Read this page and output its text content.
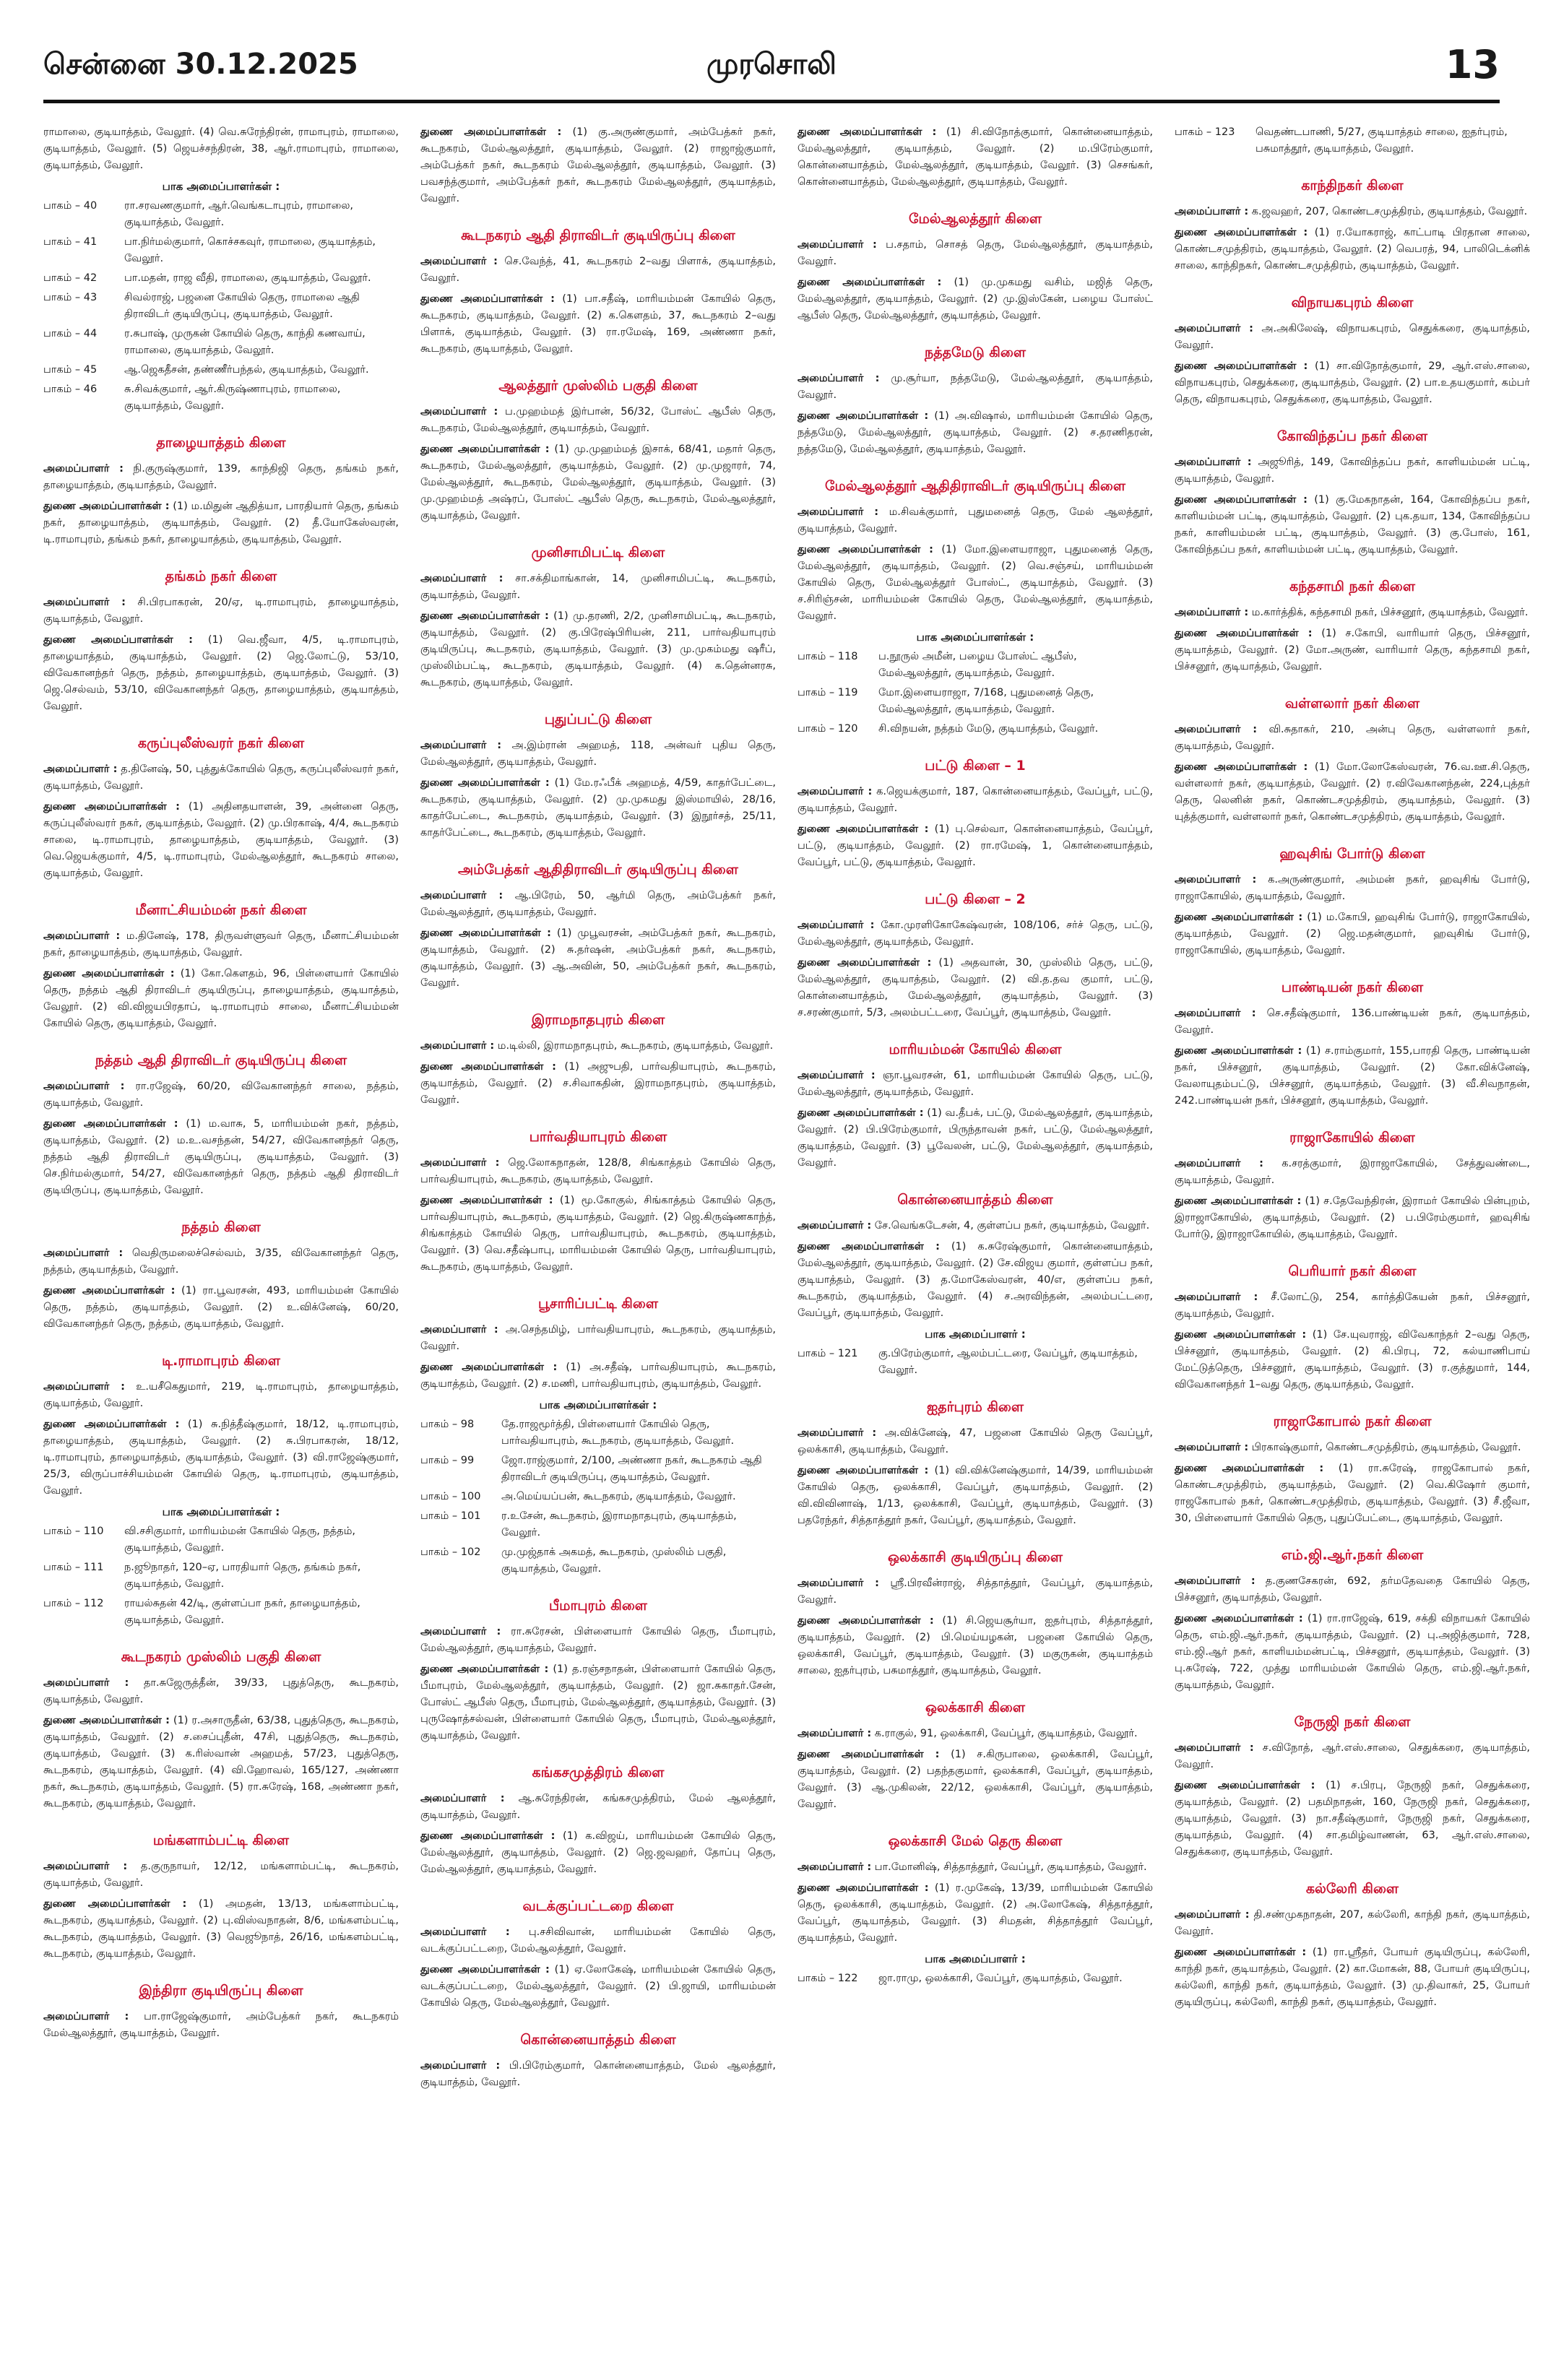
சென்னை 30.12.2025	முரசொலி	13
ராமாலை, குடியாத்தம், வேலூர். (4) வெ.சுரேந்திரன், ராமாபுரம், ராமாலை, குடியாத்தம், வேலூர். (5) ஜெயச்சந்திரன், 38, ஆர்.ராமாபுரம், ராமாலை, குடியாத்தம், வேலூர்.
பாக அமைப்பாளர்கள் :
பாகம் – 40	ரா.சரவணகுமார், ஆர்.வெங்கடாபுரம், ராமாலை, குடியாத்தம், வேலூர்.
பாகம் – 41	பா.நிர்மல்குமார், கொச்சகவுர், ராமாலை, குடியாத்தம், வேலூர்.
பாகம் – 42	பா.மதன், ராஜ வீதி, ராமாலை, குடியாத்தம், வேலூர்.
பாகம் – 43	சிவல்ராஜ், பஜனை கோயில் தெரு, ராமாலை ஆதி திராவிடர் குடியிருப்பு, குடியாத்தம், வேலூர்.
பாகம் – 44	ர.சுபாஷ், முருகன் கோயில் தெரு, காந்தி கணவாய், ராமாலை, குடியாத்தம், வேலூர்.
பாகம் – 45	ஆ.ஜெகதீசன், தண்ணீர்பந்தல், குடியாத்தம், வேலூர்.
பாகம் – 46	சு.சிவக்குமார், ஆர்.கிருஷ்ணாபுரம், ராமாலை, குடியாத்தம், வேலூர்.
தாழையாத்தம் கிளை
அமைப்பாளர் : நி.குருஷ்குமார், 139, காந்திஜி தெரு, தங்கம் நகர், தாழையாத்தம், குடியாத்தம், வேலூர்.
துணை அமைப்பாளர்கள் : (1) ம.மிதுன் ஆதித்யா, பாரதியார் தெரு, தங்கம் நகர், தாழையாத்தம், குடியாத்தம், வேலூர். (2) தீ.யோகேஸ்வரன், டி.ராமாபுரம், தங்கம் நகர், தாழையாத்தம், குடியாத்தம், வேலூர்.
தங்கம் நகர் கிளை
அமைப்பாளர் : சி.பிரபாகரன், 20/ஏ, டி.ராமாபுரம், தாழையாத்தம், குடியாத்தம், வேலூர்.
துணை அமைப்பாளர்கள் : (1) வெ.ஜீவா, 4/5, டி.ராமாபுரம், தாழையாத்தம், குடியாத்தம், வேலூர். (2) ஜெ.லோட்டு, 53/10, விவேகானந்தர் தெரு, நத்தம், தாழையாத்தம், குடியாத்தம், வேலூர். (3) ஜெ.செல்வம், 53/10, விவேகானந்தர் தெரு, தாழையாத்தம், குடியாத்தம், வேலூர்.
கருப்புலீஸ்வரர் நகர் கிளை
அமைப்பாளர் : த.தினேஷ், 50, புத்துக்கோயில் தெரு, கருப்புலீஸ்வரர் நகர், குடியாத்தம், வேலூர்.
துணை அமைப்பாளர்கள் : (1) அதினதயாளன், 39, அன்னை தெரு, கருப்புலீஸ்வரர் நகர், குடியாத்தம், வேலூர். (2) மு.பிரகாஷ், 4/4, கூடநகரம் சாலை, டி.ராமாபுரம், தாழையாத்தம், குடியாத்தம், வேலூர். (3) வெ.ஜெயக்குமார், 4/5, டி.ராமாபுரம், மேல்ஆலத்தூர், கூடநகரம் சாலை, குடியாத்தம், வேலூர்.
மீனாட்சியம்மன் நகர் கிளை
அமைப்பாளர் : ம.தினேஷ், 178, திருவள்ளுவர் தெரு, மீனாட்சியம்மன் நகர், தாழையாத்தம், குடியாத்தம், வேலூர்.
துணை அமைப்பாளர்கள் : (1) கோ.கௌதம், 96, பிள்ளையார் கோயில் தெரு, நத்தம் ஆதி திராவிடர் குடியிருப்பு, தாழையாத்தம், குடியாத்தம், வேலூர். (2) வி.விஜயபிரதாப், டி.ராமாபுரம் சாலை, மீனாட்சியம்மன் கோயில் தெரு, குடியாத்தம், வேலூர்.
நத்தம் ஆதி திராவிடர் குடியிருப்பு கிளை
அமைப்பாளர் : ரா.ரஜேஷ், 60/20, விவேகானந்தர் சாலை, நத்தம், குடியாத்தம், வேலூர்.
துணை அமைப்பாளர்கள் : (1) ம.வாசு, 5, மாரியம்மன் நகர், நத்தம், குடியாத்தம், வேலூர். (2) ம.உ.வசந்தன், 54/27, விவேகானந்தர் தெரு, நத்தம் ஆதி திராவிடர் குடியிருப்பு, குடியாத்தம், வேலூர். (3) செ.நிர்மல்குமார், 54/27, விவேகானந்தர் தெரு, நத்தம் ஆதி திராவிடர் குடியிருப்பு, குடியாத்தம், வேலூர்.
நத்தம் கிளை
அமைப்பாளர் : வெதிருமலைச்செல்வம், 3/35, விவேகானந்தர் தெரு, நத்தம், குடியாத்தம், வேலூர்.
துணை அமைப்பாளர்கள் : (1) ரா.பூவரசன், 493, மாரியம்மன் கோயில் தெரு, நத்தம், குடியாத்தம், வேலூர். (2) உ.விக்னேஷ், 60/20, விவேகானந்தர் தெரு, நத்தம், குடியாத்தம், வேலூர்.
டி.ராமாபுரம் கிளை
அமைப்பாளர் : உ.யசீகெதுமார், 219, டி.ராமாபுரம், தாழையாத்தம், குடியாத்தம், வேலூர்.
துணை அமைப்பாளர்கள் : (1) சு.நித்தீஷ்குமார், 18/12, டி.ராமாபுரம், தாழையாத்தம், குடியாத்தம், வேலூர். (2) சு.பிரபாகரன், 18/12, டி.ராமாபுரம், தாழையாத்தம், குடியாத்தம், வேலூர். (3) வி.ராஜேஷ்குமார், 25/3, விருப்பாச்சியம்மன் கோயில் தெரு, டி.ராமாபுரம், குடியாத்தம், வேலூர்.
பாக அமைப்பாளர்கள் :
பாகம் – 110	வி.சசிகுமார், மாரியம்மன் கோயில் தெரு, நத்தம், குடியாத்தம், வேலூர்.
பாகம் – 111	ந.ஜூநாதர், 120–ஏ, பாரதியார் தெரு, தங்கம் நகர், குடியாத்தம், வேலூர்.
பாகம் – 112	ராயல்சுதன் 42/டி, குள்ளப்பா நகர், தாழையாத்தம், குடியாத்தம், வேலூர்.
கூடநகரம் முஸ்லிம் பகுதி கிளை
அமைப்பாளர் : தா.சுஜேருத்தீன், 39/33, புதுத்தெரு, கூடநகரம், குடியாத்தம், வேலூர்.
துணை அமைப்பாளர்கள் : (1) ர.அசாருதீன், 63/38, புதுத்தெரு, கூடநகரம், குடியாத்தம், வேலூர். (2) ச.சைப்புதீன், 47சி, புதுத்தெரு, கூடநகரம், குடியாத்தம், வேலூர். (3) க.ரிஸ்வான் அஹமத், 57/23, புதுத்தெரு, கூடநகரம், குடியாத்தம், வேலூர். (4) வி.ஹோவல், 165/127, அண்ணா நகர், கூடநகரம், குடியாத்தம், வேலூர். (5) ரா.சுரேஷ், 168, அண்ணா நகர், கூடநகரம், குடியாத்தம், வேலூர்.
மங்களாம்பட்டி கிளை
அமைப்பாளர் : த.குருநாயர், 12/12, மங்களாம்பட்டி, கூடநகரம், குடியாத்தம், வேலூர்.
துணை அமைப்பாளர்கள் : (1) அமதன், 13/13, மங்களாம்பட்டி, கூடநகரம், குடியாத்தம், வேலூர். (2) பு.விஸ்வநாதன், 8/6, மங்களம்பட்டி, கூடநகரம், குடியாத்தம், வேலூர். (3) வெஜூநாத், 26/16, மங்களம்பட்டி, கூடநகரம், குடியாத்தம், வேலூர்.
இந்திரா குடியிருப்பு கிளை
அமைப்பாளர் : பா.ராஜேஷ்குமார், அம்பேத்கர் நகர், கூடநகரம் மேல்ஆலத்தூர், குடியாத்தம், வேலூர்.
துணை அமைப்பாளர்கள் : (1) கு.அருண்குமார், அம்பேத்கர் நகர், கூடநகரம், மேல்ஆலத்தூர், குடியாத்தம், வேலூர். (2) ராஜாஜ்குமார், அம்பேத்கர் நகர், கூடநகரம் மேல்ஆலத்தூர், குடியாத்தம், வேலூர். (3) பவசந்த்குமார், அம்பேத்கர் நகர், கூடநகரம் மேல்ஆலத்தூர், குடியாத்தம், வேலூர்.
கூடநகரம் ஆதி திராவிடர் குடியிருப்பு கிளை
அமைப்பாளர் : செ.வேந்த், 41, கூடநகரம் 2–வது பிளாக், குடியாத்தம், வேலூர்.
துணை அமைப்பாளர்கள் : (1) பா.சதீஷ், மாரியம்மன் கோயில் தெரு, கூடநகரம், குடியாத்தம், வேலூர். (2) க.கௌதம், 37, கூடநகரம் 2–வது பிளாக், குடியாத்தம், வேலூர். (3) ரா.ரமேஷ், 169, அண்ணா நகர், கூடநகரம், குடியாத்தம், வேலூர்.
ஆலத்தூர் முஸ்லிம் பகுதி கிளை
அமைப்பாளர் : ப.முஹம்மத் இர்பான், 56/32, போஸ்ட் ஆபீஸ் தெரு, கூடநகரம், மேல்ஆலத்தூர், குடியாத்தம், வேலூர்.
துணை அமைப்பாளர்கள் : (1) மு.முஹம்மத் இசாக், 68/41, மதார் தெரு, கூடநகரம், மேல்ஆலத்தூர், குடியாத்தம், வேலூர். (2) மு.முஜாரர், 74, மேல்ஆலத்தூர், கூடநகரம், மேல்ஆலத்தூர், குடியாத்தம், வேலூர். (3) மு.முஹம்மத் அஷ்ரப், போஸ்ட் ஆபீஸ் தெரு, கூடநகரம், மேல்ஆலத்தூர், குடியாத்தம், வேலூர்.
முனிசாமிபட்டி கிளை
அமைப்பாளர் : சா.சக்திமாங்கான், 14, முனிசாமிபட்டி, கூடநகரம், குடியாத்தம், வேலூர்.
துணை அமைப்பாளர்கள் : (1) மு.தரணி, 2/2, முனிசாமிபட்டி, கூடநகரம், குடியாத்தம், வேலூர். (2) கு.பிரேஷ்பிரியன், 211, பார்வதியாபுரம் குடியிருப்பு, கூடநகரம், குடியாத்தம், வேலூர். (3) மு.முகம்மது ஷரீப், முஸ்லிம்பட்டி, கூடநகரம், குடியாத்தம், வேலூர். (4) க.தென்னரசு, கூடநகரம், குடியாத்தம், வேலூர்.
புதுப்பட்டு கிளை
அமைப்பாளர் : அ.இம்ரான் அஹமத், 118, அன்வர் புதிய தெரு, மேல்ஆலத்தூர், குடியாத்தம், வேலூர்.
துணை அமைப்பாளர்கள் : (1) மே.ரஃபீக் அஹமத், 4/59, காதர்பேட்டை, கூடநகரம், குடியாத்தம், வேலூர். (2) மு.முகமது இஸ்மாயில், 28/16, காதர்பேட்டை, கூடநகரம், குடியாத்தம், வேலூர். (3) இநூர்சத், 25/11, காதர்பேட்டை, கூடநகரம், குடியாத்தம், வேலூர்.
அம்பேத்கர் ஆதிதிராவிடர் குடியிருப்பு கிளை
அமைப்பாளர் : ஆ.பிரேம், 50, ஆர்மி தெரு, அம்பேத்கர் நகர், மேல்ஆலத்தூர், குடியாத்தம், வேலூர்.
துணை அமைப்பாளர்கள் : (1) முபூவரசன், அம்பேத்கர் நகர், கூடநகரம், குடியாத்தம், வேலூர். (2) சு.தர்ஷன், அம்பேத்கர் நகர், கூடநகரம், குடியாத்தம், வேலூர். (3) ஆ.அவின், 50, அம்பேத்கர் நகர், கூடநகரம், வேலூர்.
இராமநாதபுரம் கிளை
அமைப்பாளர் : ம.டில்லி, இராமநாதபுரம், கூடநகரம், குடியாத்தம், வேலூர்.
துணை அமைப்பாளர்கள் : (1) அஜுபதி, பார்வதியாபுரம், கூடநகரம், குடியாத்தம், வேலூர். (2) ச.சிவாகதின், இராமநாதபுரம், குடியாத்தம், வேலூர்.
பார்வதியாபுரம் கிளை
அமைப்பாளர் : ஜெ.லோகநாதன், 128/8, சிங்காத்தம் கோயில் தெரு, பார்வதியாபுரம், கூடநகரம், குடியாத்தம், வேலூர்.
துணை அமைப்பாளர்கள் : (1) மூ.கோகுல், சிங்காத்தம் கோயில் தெரு, பார்வதியாபுரம், கூடநகரம், குடியாத்தம், வேலூர். (2) ஜெ.கிருஷ்ணகாந்த், சிங்காத்தம் கோயில் தெரு, பார்வதியாபுரம், கூடநகரம், குடியாத்தம், வேலூர். (3) வெ.சதீஷ்பாபு, மாரியம்மன் கோயில் தெரு, பார்வதியாபுரம், கூடநகரம், குடியாத்தம், வேலூர்.
பூசாரிப்பட்டி கிளை
அமைப்பாளர் : அ.செந்தமிழ், பார்வதியாபுரம், கூடநகரம், குடியாத்தம், வேலூர்.
துணை அமைப்பாளர்கள் : (1) அ.சதீஷ், பார்வதியாபுரம், கூடநகரம், குடியாத்தம், வேலூர். (2) ச.மணி, பார்வதியாபுரம், குடியாத்தம், வேலூர்.
பாக அமைப்பாளர்கள் :
பாகம் – 98	தே.ராஜமூர்த்தி, பிள்ளையார் கோயில் தெரு, பார்வதியாபுரம், கூடநகரம், குடியாத்தம், வேலூர்.
பாகம் – 99	ஜோ.ராஜ்குமார், 2/100, அண்ணா நகர், கூடநகரம் ஆதி திராவிடர் குடியிருப்பு, குடியாத்தம், வேலூர்.
பாகம் – 100	அ.மெய்யப்பன், கூடநகரம், குடியாத்தம், வேலூர்.
பாகம் – 101	ர.உசேன், கூடநகரம், இராமநாதபுரம், குடியாத்தம், வேலூர்.
பாகம் – 102	மு.முஜ்தாக் அகமத், கூடநகரம், முஸ்லிம் பகுதி, குடியாத்தம், வேலூர்.
பீமாபுரம் கிளை
அமைப்பாளர் : ரா.சுரேசன், பிள்ளையார் கோயில் தெரு, பீமாபுரம், மேல்ஆலத்தூர், குடியாத்தம், வேலூர்.
துணை அமைப்பாளர்கள் : (1) த.ரஞ்சநாதன், பிள்ளையார் கோயில் தெரு, பீமாபுரம், மேல்ஆலத்தூர், குடியாத்தம், வேலூர். (2) ஜா.சுகாதர்.சேன், போஸ்ட் ஆபீஸ் தெரு, பீமாபுரம், மேல்ஆலத்தூர், குடியாத்தம், வேலூர். (3) புருஷோத்சல்வன், பிள்ளையார் கோயில் தெரு, பீமாபுரம், மேல்ஆலத்தூர், குடியாத்தம், வேலூர்.
கங்கசமுத்திரம் கிளை
அமைப்பாளர் : ஆ.சுரேந்திரன், கங்கசமுத்திரம், மேல் ஆலத்தூர், குடியாத்தம், வேலூர்.
துணை அமைப்பாளர்கள் : (1) க.விஜய், மாரியம்மன் கோயில் தெரு, மேல்ஆலத்தூர், குடியாத்தம், வேலூர். (2) ஜெ.ஜவஹர், தோப்பு தெரு, மேல்ஆலத்தூர், குடியாத்தம், வேலூர்.
வடக்குப்பட்டறை கிளை
அமைப்பாளர் : பு.சசிவிவான், மாரியம்மன் கோயில் தெரு, வடக்குப்பட்டறை, மேல்ஆலத்தூர், வேலூர்.
துணை அமைப்பாளர்கள் : (1) ஏ.லோகேஷ், மாரியம்மன் கோயில் தெரு, வடக்குப்பட்டறை, மேல்ஆலத்தூர், வேலூர். (2) பி.ஜாயி, மாரியம்மன் கோயில் தெரு, மேல்ஆலத்தூர், வேலூர்.
கொன்னையாத்தம் கிளை
அமைப்பாளர் : பி.பிரேம்குமார், கொன்னையாத்தம், மேல் ஆலத்தூர், குடியாத்தம், வேலூர்.
துணை அமைப்பாளர்கள் : (1) சி.விநோத்குமார், கொன்னையாத்தம், மேல்ஆலத்தூர், குடியாத்தம், வேலூர். (2) ம.பிரேம்குமார், கொன்னையாத்தம், மேல்ஆலத்தூர், குடியாத்தம், வேலூர். (3) செசங்கர், கொன்னையாத்தம், மேல்ஆலத்தூர், குடியாத்தம், வேலூர்.
மேல்ஆலத்தூர் கிளை
அமைப்பாளர் : ப.சதாம், சொசத் தெரு, மேல்ஆலத்தூர், குடியாத்தம், வேலூர்.
துணை அமைப்பாளர்கள் : (1) மு.முகமது வசிம், மஜித் தெரு, மேல்ஆலத்தூர், குடியாத்தம், வேலூர். (2) மு.இஸ்கேன், பழைய போஸ்ட் ஆபீஸ் தெரு, மேல்ஆலத்தூர், குடியாத்தம், வேலூர்.
நத்தமேடு கிளை
அமைப்பாளர் : மு.சூர்யா, நத்தமேடு, மேல்ஆலத்தூர், குடியாத்தம், வேலூர்.
துணை அமைப்பாளர்கள் : (1) அ.விஷால், மாரியம்மன் கோயில் தெரு, நத்தமேடு, மேல்ஆலத்தூர், குடியாத்தம், வேலூர். (2) ச.தரணிதரன், நத்தமேடு, மேல்ஆலத்தூர், குடியாத்தம், வேலூர்.
மேல்ஆலத்தூர் ஆதிதிராவிடர் குடியிருப்பு கிளை
அமைப்பாளர் : ம.சிவக்குமார், புதுமனைத் தெரு, மேல் ஆலத்தூர், குடியாத்தம், வேலூர்.
துணை அமைப்பாளர்கள் : (1) மோ.இளையராஜா, புதுமனைத் தெரு, மேல்ஆலத்தூர், குடியாத்தம், வேலூர். (2) வெ.சஞ்சய், மாரியம்மன் கோயில் தெரு, மேல்ஆலத்தூர் போஸ்ட், குடியாத்தம், வேலூர். (3) ச.சிரிஞ்சன், மாரியம்மன் கோயில் தெரு, மேல்ஆலத்தூர், குடியாத்தம், வேலூர்.
பாக அமைப்பாளர்கள் :
பாகம் – 118	ப.நூருல் அமீன், பழைய போஸ்ட் ஆபீஸ், மேல்ஆலத்தூர், குடியாத்தம், வேலூர்.
பாகம் – 119	மோ.இளையராஜா, 7/168, புதுமனைத் தெரு, மேல்ஆலத்தூர், குடியாத்தம், வேலூர்.
பாகம் – 120	சி.விநயன், நத்தம் மேடு, குடியாத்தம், வேலூர்.
பட்டு கிளை – 1
அமைப்பாளர் : க.ஜெயக்குமார், 187, கொன்னையாத்தம், வேப்பூர், பட்டு, குடியாத்தம், வேலூர்.
துணை அமைப்பாளர்கள் : (1) பு.செல்வா, கொன்னையாத்தம், வேப்பூர், பட்டு, குடியாத்தம், வேலூர். (2) ரா.ரமேஷ், 1, கொன்னையாத்தம், வேப்பூர், பட்டு, குடியாத்தம், வேலூர்.
பட்டு கிளை – 2
அமைப்பாளர் : கோ.முரளிகோகேஷ்வரன், 108/106, சர்ச் தெரு, பட்டு, மேல்ஆலத்தூர், குடியாத்தம், வேலூர்.
துணை அமைப்பாளர்கள் : (1) அதவான், 30, முஸ்லிம் தெரு, பட்டு, மேல்ஆலத்தூர், குடியாத்தம், வேலூர். (2) வி.த.தவ குமார், பட்டு, கொன்னையாத்தம், மேல்ஆலத்தூர், குடியாத்தம், வேலூர். (3) ச.சரண்குமார், 5/3, அலம்பட்டரை, வேப்பூர், குடியாத்தம், வேலூர்.
மாரியம்மன் கோயில் கிளை
அமைப்பாளர் : ஞா.பூவரசன், 61, மாரியம்மன் கோயில் தெரு, பட்டு, மேல்ஆலத்தூர், குடியாத்தம், வேலூர்.
துணை அமைப்பாளர்கள் : (1) வ.தீபக், பட்டு, மேல்ஆலத்தூர், குடியாத்தம், வேலூர். (2) பி.பிரேம்குமார், பிருந்தாவன் நகர், பட்டு, மேல்ஆலத்தூர், குடியாத்தம், வேலூர். (3) பூவேலன், பட்டு, மேல்ஆலத்தூர், குடியாத்தம், வேலூர்.
கொன்னையாத்தம் கிளை
அமைப்பாளர் : சே.வெங்கடேசன், 4, குள்ளப்ப நகர், குடியாத்தம், வேலூர்.
துணை அமைப்பாளர்கள் : (1) க.சுரேஷ்குமார், கொன்னையாத்தம், மேல்ஆலத்தூர், குடியாத்தம், வேலூர். (2) சே.விஜய குமார், குள்ளப்ப நகர், குடியாத்தம், வேலூர். (3) த.மோகேஸ்வரன், 40/எ, குள்ளப்ப நகர், கூடநகரம், குடியாத்தம், வேலூர். (4) ச.அரவிந்தன், அலம்பட்டரை, வேப்பூர், குடியாத்தம், வேலூர்.
பாக அமைப்பாளர் :
பாகம் – 121	கு.பிரேம்குமார், ஆலம்பட்டரை, வேப்பூர், குடியாத்தம், வேலூர்.
ஐதர்புரம் கிளை
அமைப்பாளர் : அ.விக்னேஷ், 47, பஜனை கோயில் தெரு வேப்பூர், ஒலக்காசி, குடியாத்தம், வேலூர்.
துணை அமைப்பாளர்கள் : (1) வி.விக்னேஷ்குமார், 14/39, மாரியம்மன் கோயில் தெரு, ஒலக்காசி, வேப்பூர், குடியாத்தம், வேலூர். (2) வி.விவினாஷ், 1/13, ஒலக்காசி, வேப்பூர், குடியாத்தம், வேலூர். (3) பதரேந்தர், சித்தாத்தூர் நகர், வேப்பூர், குடியாத்தம், வேலூர்.
ஒலக்காசி குடியிருப்பு கிளை
அமைப்பாளர் : ஸ்ரீ.பிரவீன்ராஜ், சித்தாத்தூர், வேப்பூர், குடியாத்தம், வேலூர்.
துணை அமைப்பாளர்கள் : (1) சி.ஜெயசூர்யா, ஐதர்புரம், சித்தாத்தூர், குடியாத்தம், வேலூர். (2) பி.மெய்யழகன், பஜனை கோயில் தெரு, ஒலக்காசி, வேப்பூர், குடியாத்தம், வேலூர். (3) மகுருகன், குடியாத்தம் சாலை, ஐதர்புரம், பசுமாத்தூர், குடியாத்தம், வேலூர்.
ஒலக்காசி கிளை
அமைப்பாளர் : க.ராகுல், 91, ஒலக்காசி, வேப்பூர், குடியாத்தம், வேலூர்.
துணை அமைப்பாளர்கள் : (1) ச.கிருபாலை, ஒலக்காசி, வேப்பூர், குடியாத்தம், வேலூர். (2) பதந்தகுமார், ஒலக்காசி, வேப்பூர், குடியாத்தம், வேலூர். (3) ஆ.முகிலன், 22/12, ஒலக்காசி, வேப்பூர், குடியாத்தம், வேலூர்.
ஒலக்காசி மேல் தெரு கிளை
அமைப்பாளர் : பா.மோனிஷ், சித்தாத்தூர், வேப்பூர், குடியாத்தம், வேலூர்.
துணை அமைப்பாளர்கள் : (1) ர.முகேஷ், 13/39, மாரியம்மன் கோயில் தெரு, ஒலக்காசி, குடியாத்தம், வேலூர். (2) அ.லோகேஷ், சித்தாத்தூர், வேப்பூர், குடியாத்தம், வேலூர். (3) சிமதன், சித்தாத்தூர் வேப்பூர், குடியாத்தம், வேலூர்.
பாக அமைப்பாளர் :
பாகம் – 122	ஜா.ராமு, ஒலக்காசி, வேப்பூர், குடியாத்தம், வேலூர்.
பாகம் – 123	வெதண்டபாணி, 5/27, குடியாத்தம் சாலை, ஐதர்புரம், பசுமாத்தூர், குடியாத்தம், வேலூர்.
காந்திநகர் கிளை
அமைப்பாளர் : க.ஜவஹர், 207, கொண்டசமுத்திரம், குடியாத்தம், வேலூர்.
துணை அமைப்பாளர்கள் : (1) ர.யோகராஜ், காட்பாடி பிரதான சாலை, கொண்டசமுத்திரம், குடியாத்தம், வேலூர். (2) வெபரத், 94, பாலிடெக்னிக் சாலை, காந்திநகர், கொண்டசமுத்திரம், குடியாத்தம், வேலூர்.
விநாயகபுரம் கிளை
அமைப்பாளர் : அ.அகிலேஷ், விநாயகபுரம், செதுக்கரை, குடியாத்தம், வேலூர்.
துணை அமைப்பாளர்கள் : (1) சா.விநோத்குமார், 29, ஆர்.எஸ்.சாலை, விநாயகபுரம், செதுக்கரை, குடியாத்தம், வேலூர். (2) பா.உதயகுமார், கம்பர் தெரு, விநாயகபுரம், செதுக்கரை, குடியாத்தம், வேலூர்.
கோவிந்தப்ப நகர் கிளை
அமைப்பாளர் : அஜூரித், 149, கோவிந்தப்ப நகர், காளியம்மன் பட்டி, குடியாத்தம், வேலூர்.
துணை அமைப்பாளர்கள் : (1) கு.மேகநாதன், 164, கோவிந்தப்ப நகர், காளியம்மன் பட்டி, குடியாத்தம், வேலூர். (2) புக.தயா, 134, கோவிந்தப்ப நகர், காளியம்மன் பட்டி, குடியாத்தம், வேலூர். (3) கு.போஸ், 161, கோவிந்தப்ப நகர், காளியம்மன் பட்டி, குடியாத்தம், வேலூர்.
கந்தசாமி நகர் கிளை
அமைப்பாளர் : ம.கார்த்திக், கந்தசாமி நகர், பிச்சனூர், குடியாத்தம், வேலூர்.
துணை அமைப்பாளர்கள் : (1) ச.கோபி, வாரியார் தெரு, பிச்சனூர், குடியாத்தம், வேலூர். (2) மோ.அருண், வாரியார் தெரு, கந்தசாமி நகர், பிச்சனூர், குடியாத்தம், வேலூர்.
வள்ளலார் நகர் கிளை
அமைப்பாளர் : வி.சுதாகர், 210, அன்பு தெரு, வள்ளலார் நகர், குடியாத்தம், வேலூர்.
துணை அமைப்பாளர்கள் : (1) மோ.லோகேஸ்வரன், 76.வ.ஊ.சி.தெரு, வள்ளலார் நகர், குடியாத்தம், வேலூர். (2) ர.விவேகானந்தன், 224,புத்தர் தெரு, லெனின் நகர், கொண்டசமுத்திரம், குடியாத்தம், வேலூர். (3) யுத்த்குமார், வள்ளலார் நகர், கொண்டசமுத்திரம், குடியாத்தம், வேலூர்.
ஹவுசிங் போர்டு கிளை
அமைப்பாளர் : க.அருண்குமார், அம்மன் நகர், ஹவுசிங் போர்டு, ராஜாகோயில், குடியாத்தம், வேலூர்.
துணை அமைப்பாளர்கள் : (1) ம.கோபி, ஹவுசிங் போர்டு, ராஜாகோயில், குடியாத்தம், வேலூர். (2) ஜெ.மதன்குமார், ஹவுசிங் போர்டு, ராஜாகோயில், குடியாத்தம், வேலூர்.
பாண்டியன் நகர் கிளை
அமைப்பாளர் : செ.சதீஷ்குமார், 136.பாண்டியன் நகர், குடியாத்தம், வேலூர்.
துணை அமைப்பாளர்கள் : (1) ச.ராம்குமார், 155,பாரதி தெரு, பாண்டியன் நகர், பிச்சனூர், குடியாத்தம், வேலூர். (2) கோ.விக்னேஷ், வேலாயுதம்பட்டு, பிச்சனூர், குடியாத்தம், வேலூர். (3) வீ.சிவநாதன், 242.பாண்டியன் நகர், பிச்சனூர், குடியாத்தம், வேலூர்.
ராஜாகோயில் கிளை
அமைப்பாளர் : க.சரத்குமார், இராஜாகோயில், சேத்துவண்டை, குடியாத்தம், வேலூர்.
துணை அமைப்பாளர்கள் : (1) ச.தேவேந்திரன், இராமர் கோயில் பின்புறம், இராஜாகோயில், குடியாத்தம், வேலூர். (2) ப.பிரேம்குமார், ஹவுசிங் போர்டு, இராஜாகோயில், குடியாத்தம், வேலூர்.
பெரியார் நகர் கிளை
அமைப்பாளர் : சீ.லோட்டு, 254, கார்த்திகேயன் நகர், பிச்சனூர், குடியாத்தம், வேலூர்.
துணை அமைப்பாளர்கள் : (1) சே.யுவராஜ், விவேகாந்தர் 2–வது தெரு, பிச்சனூர், குடியாத்தம், வேலூர். (2) கி.பிரபு, 72, கல்யாணிபாய் மேட்டுத்தெரு, பிச்சனூர், குடியாத்தம், வேலூர். (3) ர.குத்துமார், 144, விவேகானந்தர் 1–வது தெரு, குடியாத்தம், வேலூர்.
ராஜாகோபால் நகர் கிளை
அமைப்பாளர் : பிரகாஷ்குமார், கொண்டசமுத்திரம், குடியாத்தம், வேலூர்.
துணை அமைப்பாளர்கள் : (1) ரா.சுரேஷ், ராஜகோபால் நகர், கொண்டசமுத்திரம், குடியாத்தம், வேலூர். (2) வெ.கிஷோர் குமார், ராஜகோபால் நகர், கொண்டசமுத்திரம், குடியாத்தம், வேலூர். (3) சீ.ஜீவா, 30, பிள்ளையார் கோயில் தெரு, புதுப்பேட்டை, குடியாத்தம், வேலூர்.
எம்.ஜி.ஆர்.நகர் கிளை
அமைப்பாளர் : த.குணசேகரன், 692, தர்மதேவதை கோயில் தெரு, பிச்சனூர், குடியாத்தம், வேலூர்.
துணை அமைப்பாளர்கள் : (1) ரா.ராஜேஷ், 619, சக்தி விநாயகர் கோயில் தெரு, எம்.ஜி.ஆர்.நகர், குடியாத்தம், வேலூர். (2) பு.அஜித்குமார், 728, எம்.ஜி.ஆர் நகர், காளியம்மன்பட்டி, பிச்சனூர், குடியாத்தம், வேலூர். (3) பு.சுரேஷ், 722, முத்து மாரியம்மன் கோயில் தெரு, எம்.ஜி.ஆர்.நகர், குடியாத்தம், வேலூர்.
நேருஜி நகர் கிளை
அமைப்பாளர் : ச.விநோத், ஆர்.எஸ்.சாலை, செதுக்கரை, குடியாத்தம், வேலூர்.
துணை அமைப்பாளர்கள் : (1) ச.பிரபு, நேருஜி நகர், செதுக்கரை, குடியாத்தம், வேலூர். (2) பதமிநாதன், 160, நேருஜி நகர், செதுக்கரை, குடியாத்தம், வேலூர். (3) நா.சதீஷ்குமார், நேருஜி நகர், செதுக்கரை, குடியாத்தம், வேலூர். (4) சா.தமிழ்வாணன், 63, ஆர்.எஸ்.சாலை, செதுக்கரை, குடியாத்தம், வேலூர்.
கல்லேரி கிளை
அமைப்பாளர் : தி.சண்முகநாதன், 207, கல்லேரி, காந்தி நகர், குடியாத்தம், வேலூர்.
துணை அமைப்பாளர்கள் : (1) ரா.ஸ்ரீதர், போயர் குடியிருப்பு, கல்லேரி, காந்தி நகர், குடியாத்தம், வேலூர். (2) கா.மோகன், 88, போயர் குடியிருப்பு, கல்லேரி, காந்தி நகர், குடியாத்தம், வேலூர். (3) மு.திவாகர், 25, போயர் குடியிருப்பு, கல்லேரி, காந்தி நகர், குடியாத்தம், வேலூர்.
